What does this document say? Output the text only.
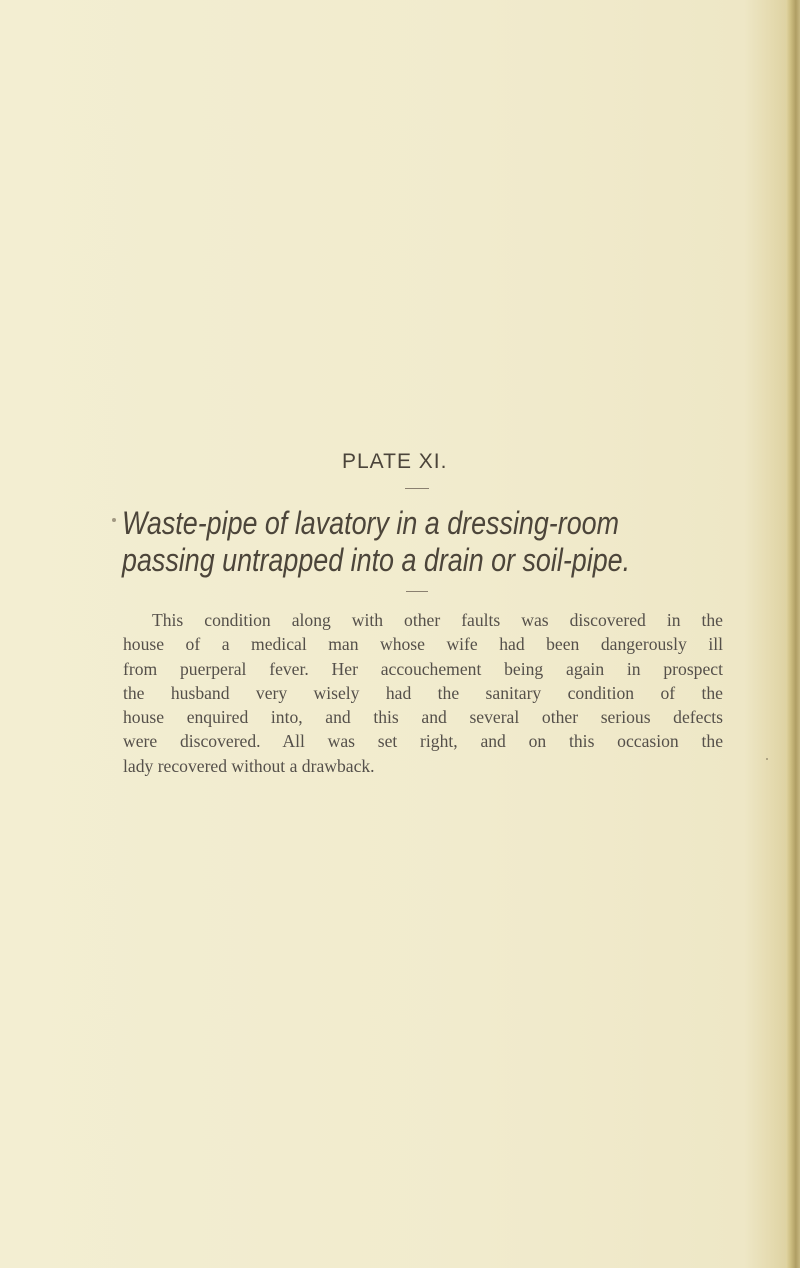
PLATE XI.
Waste-pipe of lavatory in a dressing-room
passing untrapped into a drain or soil-pipe.
This condition along with other faults was discovered in the
house of a medical man whose wife had been dangerously ill
from puerperal fever. Her accouchement being again in prospect
the husband very wisely had the sanitary condition of the
house enquired into, and this and several other serious defects
were discovered. All was set right, and on this occasion the
lady recovered without a drawback.
